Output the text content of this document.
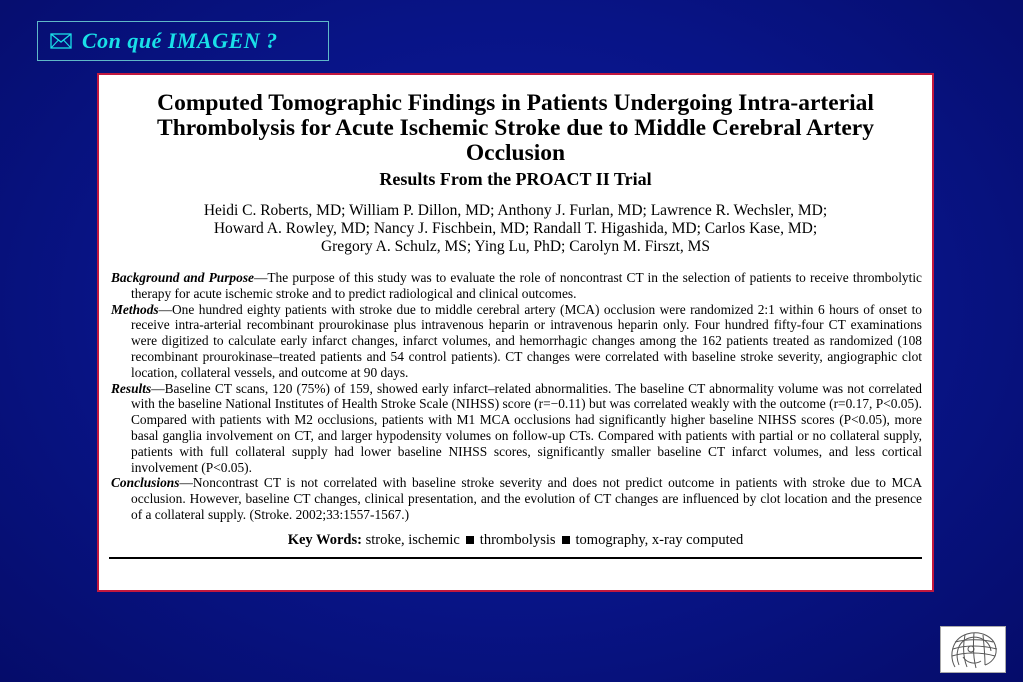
Con qué IMAGEN ?
Computed Tomographic Findings in Patients Undergoing Intra-arterial Thrombolysis for Acute Ischemic Stroke due to Middle Cerebral Artery Occlusion
Results From the PROACT II Trial
Heidi C. Roberts, MD; William P. Dillon, MD; Anthony J. Furlan, MD; Lawrence R. Wechsler, MD;
Howard A. Rowley, MD; Nancy J. Fischbein, MD; Randall T. Higashida, MD; Carlos Kase, MD;
Gregory A. Schulz, MS; Ying Lu, PhD; Carolyn M. Firszt, MS

Background and Purpose—The purpose of this study was to evaluate the role of noncontrast CT in the selection of patients to receive thrombolytic therapy for acute ischemic stroke and to predict radiological and clinical outcomes.

Methods—One hundred eighty patients with stroke due to middle cerebral artery (MCA) occlusion were randomized 2:1 within 6 hours of onset to receive intra-arterial recombinant prourokinase plus intravenous heparin or intravenous heparin only. Four hundred fifty-four CT examinations were digitized to calculate early infarct changes, infarct volumes, and hemorrhagic changes among the 162 patients treated as randomized (108 recombinant prourokinase–treated patients and 54 control patients). CT changes were correlated with baseline stroke severity, angiographic clot location, collateral vessels, and outcome at 90 days.

Results—Baseline CT scans, 120 (75%) of 159, showed early infarct–related abnormalities. The baseline CT abnormality volume was not correlated with the baseline National Institutes of Health Stroke Scale (NIHSS) score (r=−0.11) but was correlated weakly with the outcome (r=0.17, P<0.05). Compared with patients with M2 occlusions, patients with M1 MCA occlusions had significantly higher baseline NIHSS scores (P<0.05), more basal ganglia involvement on CT, and larger hypodensity volumes on follow-up CTs. Compared with patients with partial or no collateral supply, patients with full collateral supply had lower baseline NIHSS scores, significantly smaller baseline CT infarct volumes, and less cortical involvement (P<0.05).

Conclusions—Noncontrast CT is not correlated with baseline stroke severity and does not predict outcome in patients with stroke due to MCA occlusion. However, baseline CT changes, clinical presentation, and the evolution of CT changes are influenced by clot location and the presence of a collateral supply. (Stroke. 2002;33:1557-1567.)

Key Words: stroke, ischemic thrombolysis tomography, x-ray computed
